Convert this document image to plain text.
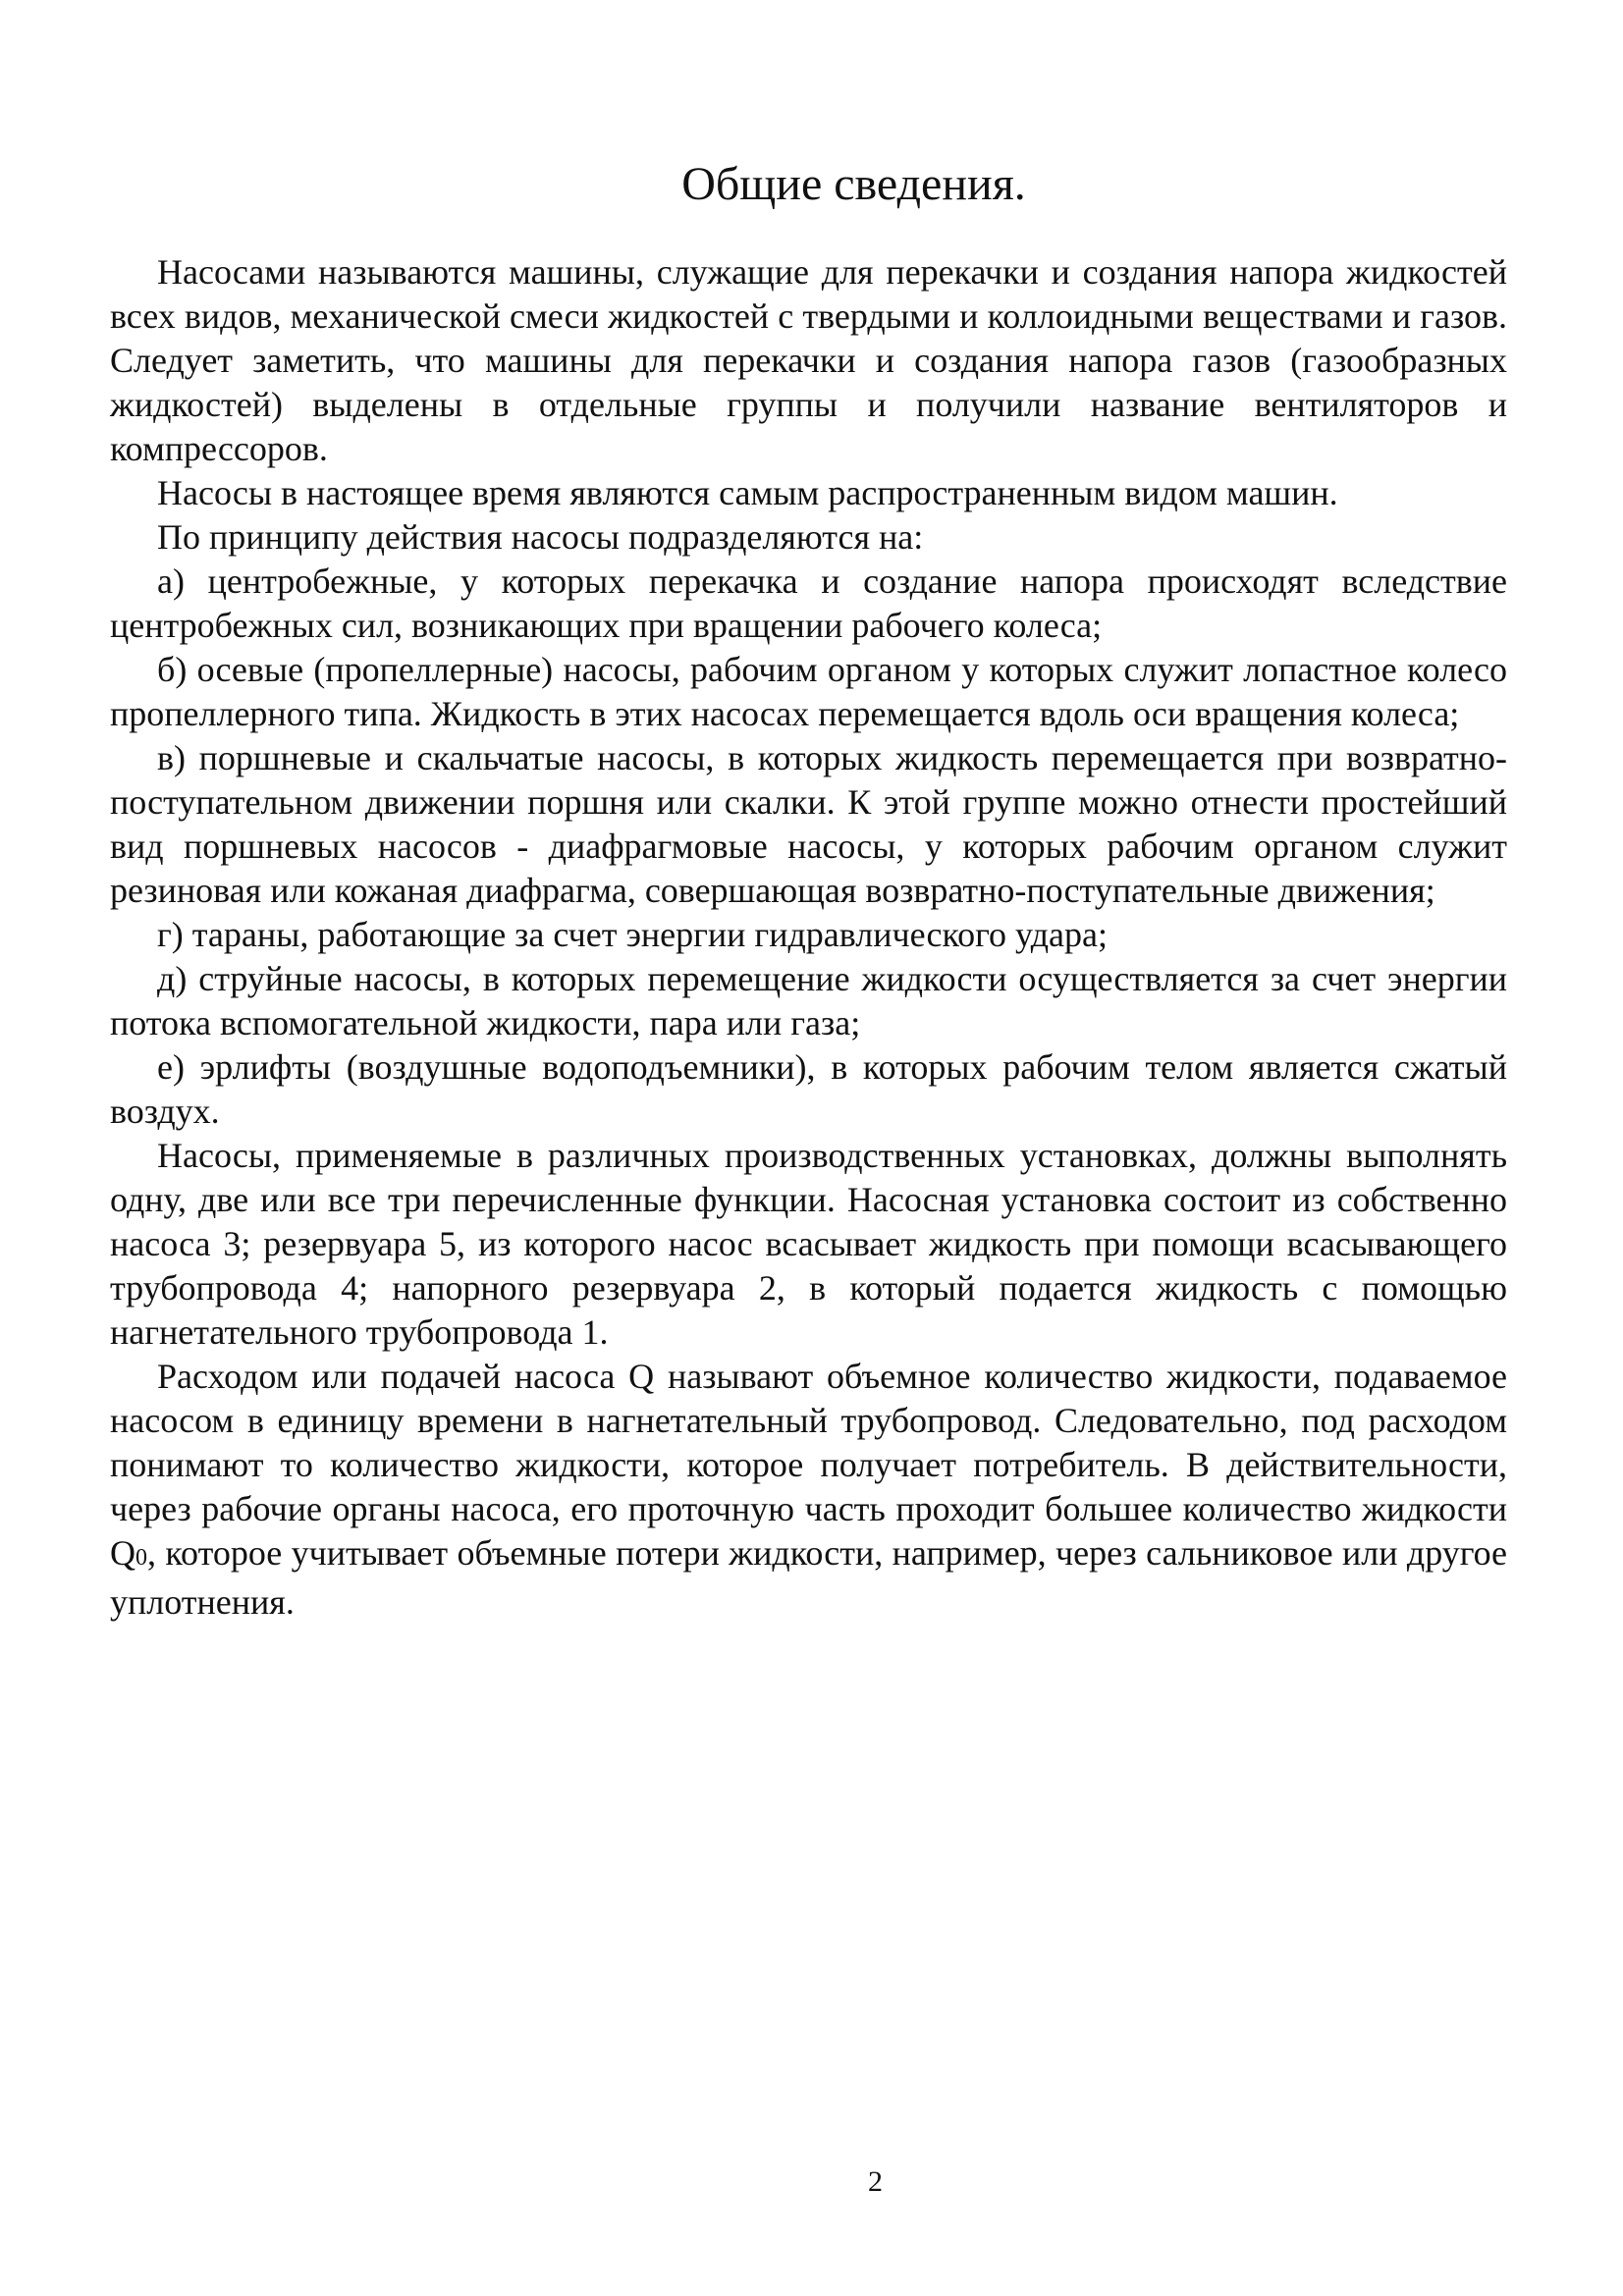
Общие сведения.

Насосами называются машины, служащие для перекачки и создания напора жидкостей всех видов, механической смеси жидкостей с твердыми и коллоидными веществами и газов. Следует заметить, что машины для перекачки и создания напора газов (газообразных жидкостей) выделены в отдельные группы и получили название вентиляторов и компрессоров.

Насосы в настоящее время являются самым распространенным видом машин.

По принципу действия насосы подразделяются на:

а) центробежные, у которых перекачка и создание напора происходят вследствие центробежных сил, возникающих при вращении рабочего колеса;

б) осевые (пропеллерные) насосы, рабочим органом у которых служит лопастное колесо пропеллерного типа. Жидкость в этих насосах перемещается вдоль оси вращения колеса;

в) поршневые и скальчатые насосы, в которых жидкость перемещается при возвратно-поступательном движении поршня или скалки. К этой группе можно отнести простейший вид поршневых насосов - диафрагмовые насосы, у которых рабочим органом служит резиновая или кожаная диафрагма, совершающая возвратно-поступательные движения;

г) тараны, работающие за счет энергии гидравлического удара;

д) струйные насосы, в которых перемещение жидкости осуществляется за счет энергии потока вспомогательной жидкости, пара или газа;

е) эрлифты (воздушные водоподъемники), в которых рабочим телом является сжатый воздух.

Насосы, применяемые в различных производственных установках, должны выполнять одну, две или все три перечисленные функции. Насосная установка состоит из собственно насоса 3; резервуара 5, из которого насос всасывает жидкость при помощи всасывающего трубопровода 4; напорного резервуара 2, в который подается жидкость с помощью нагнетательного трубопровода 1.

Расходом или подачей насоса Q называют объемное количество жидкости, подаваемое насосом в единицу времени в нагнетательный трубопровод. Следовательно, под расходом понимают то количество жидкости, которое получает потребитель. В действительности, через рабочие органы насоса, его проточную часть проходит большее количество жидкости Q0, которое учитывает объемные потери жидкости, например, через сальниковое или другое уплотнения.

2
